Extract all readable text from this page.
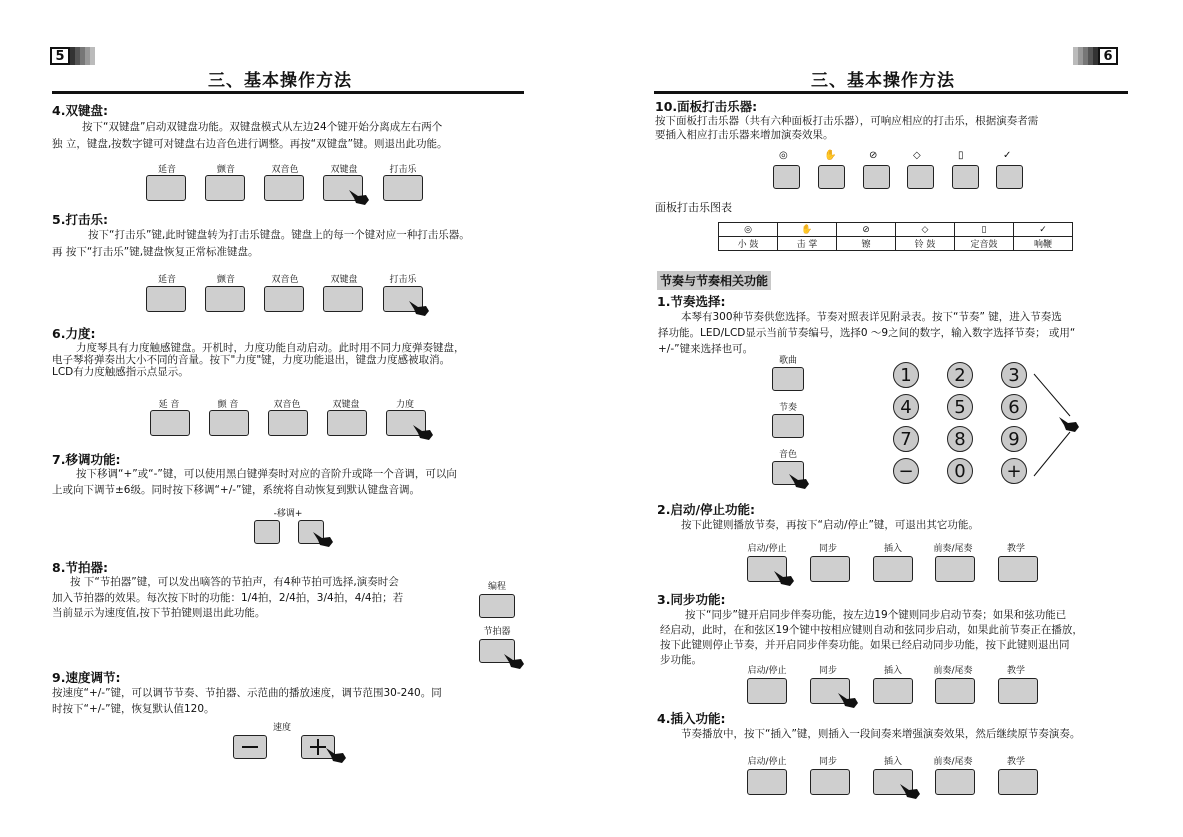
5
三、基本操作方法
4.双键盘:
按下“双键盘”启动双键盘功能。双键盘模式从左边24个键开始分离成左右两个
独 立，键盘,按数字键可对键盘右边音色进行调整。再按“双键盘”键。则退出此功能。
延音	颤音	双音色	双键盘	打击乐
5.打击乐:
按下“打击乐”键,此时键盘转为打击乐键盘。键盘上的每一个键对应一种打击乐器。
再 按下“打击乐”键,键盘恢复正常标准键盘。
延音	颤音	双音色	双键盘	打击乐
6.力度:
力度琴具有力度触感键盘。开机时，力度功能自动启动。此时用不同力度弹奏键盘，
电子琴将弹奏出大小不同的音量。按下"力度"键，力度功能退出，键盘力度感被取消。
LCD有力度触感指示点显示。
延 音	颤 音	双音色	双键盘	力度
7.移调功能:
按下移调“+”或“-”键，可以使用黑白键弹奏时对应的音阶升或降一个音调，可以向
上或向下调节±6级。同时按下移调“+/-”键，系统将自动恢复到默认键盘音调。
-移调+
8.节拍器:
按 下“节拍器”键，可以发出嘀答的节拍声，有4种节拍可选择,演奏时会
加入节拍器的效果。每次按下时的功能：1/4拍，2/4拍，3/4拍，4/4拍；若
当前显示为速度值,按下节拍键则退出此功能。
编程
节拍器
9.速度调节:
按速度“+/-”键，可以调节节奏、节拍器、示范曲的播放速度，调节范围30-240。同
时按下“+/-”键，恢复默认值120。
速度
6
三、基本操作方法
10.面板打击乐器:
按下面板打击乐器（共有六种面板打击乐器），可响应相应的打击乐，根据演奏者需
要插入相应打击乐器来增加演奏效果。
◎	✋	⊘	◇	▯	✓
面板打击乐图表
◎	✋	⊘	◇	▯	✓
小 鼓	击 掌	镲	铃 鼓	定音鼓	响鞭
节奏与节奏相关功能
1.节奏选择:
本琴有300种节奏供您选择。节奏对照表详见附录表。按下“节奏” 键，进入节奏选
择功能。LED/LCD显示当前节奏编号，选择0 ～9之间的数字，输入数字选择节奏； 或用“
+/-”键来选择也可。
歌曲
节奏
音色
1	2	3
4	5	6
7	8	9
−	0	+
2.启动/停止功能:
按下此键则播放节奏，再按下“启动/停止”键，可退出其它功能。
启动/停止	同步	插入	前奏/尾奏	教学
3.同步功能:
按下“同步”键开启同步伴奏功能，按左边19个键则同步启动节奏；如果和弦功能已
经启动，此时，在和弦区19个键中按相应键则自动和弦同步启动，如果此前节奏正在播放，
按下此键则停止节奏，并开启同步伴奏功能。如果已经启动同步功能，按下此键则退出同
步功能。
启动/停止	同步	插入	前奏/尾奏	教学
4.插入功能:
节奏播放中，按下“插入”键，则插入一段间奏来增强演奏效果，然后继续原节奏演奏。
启动/停止	同步	插入	前奏/尾奏	教学
